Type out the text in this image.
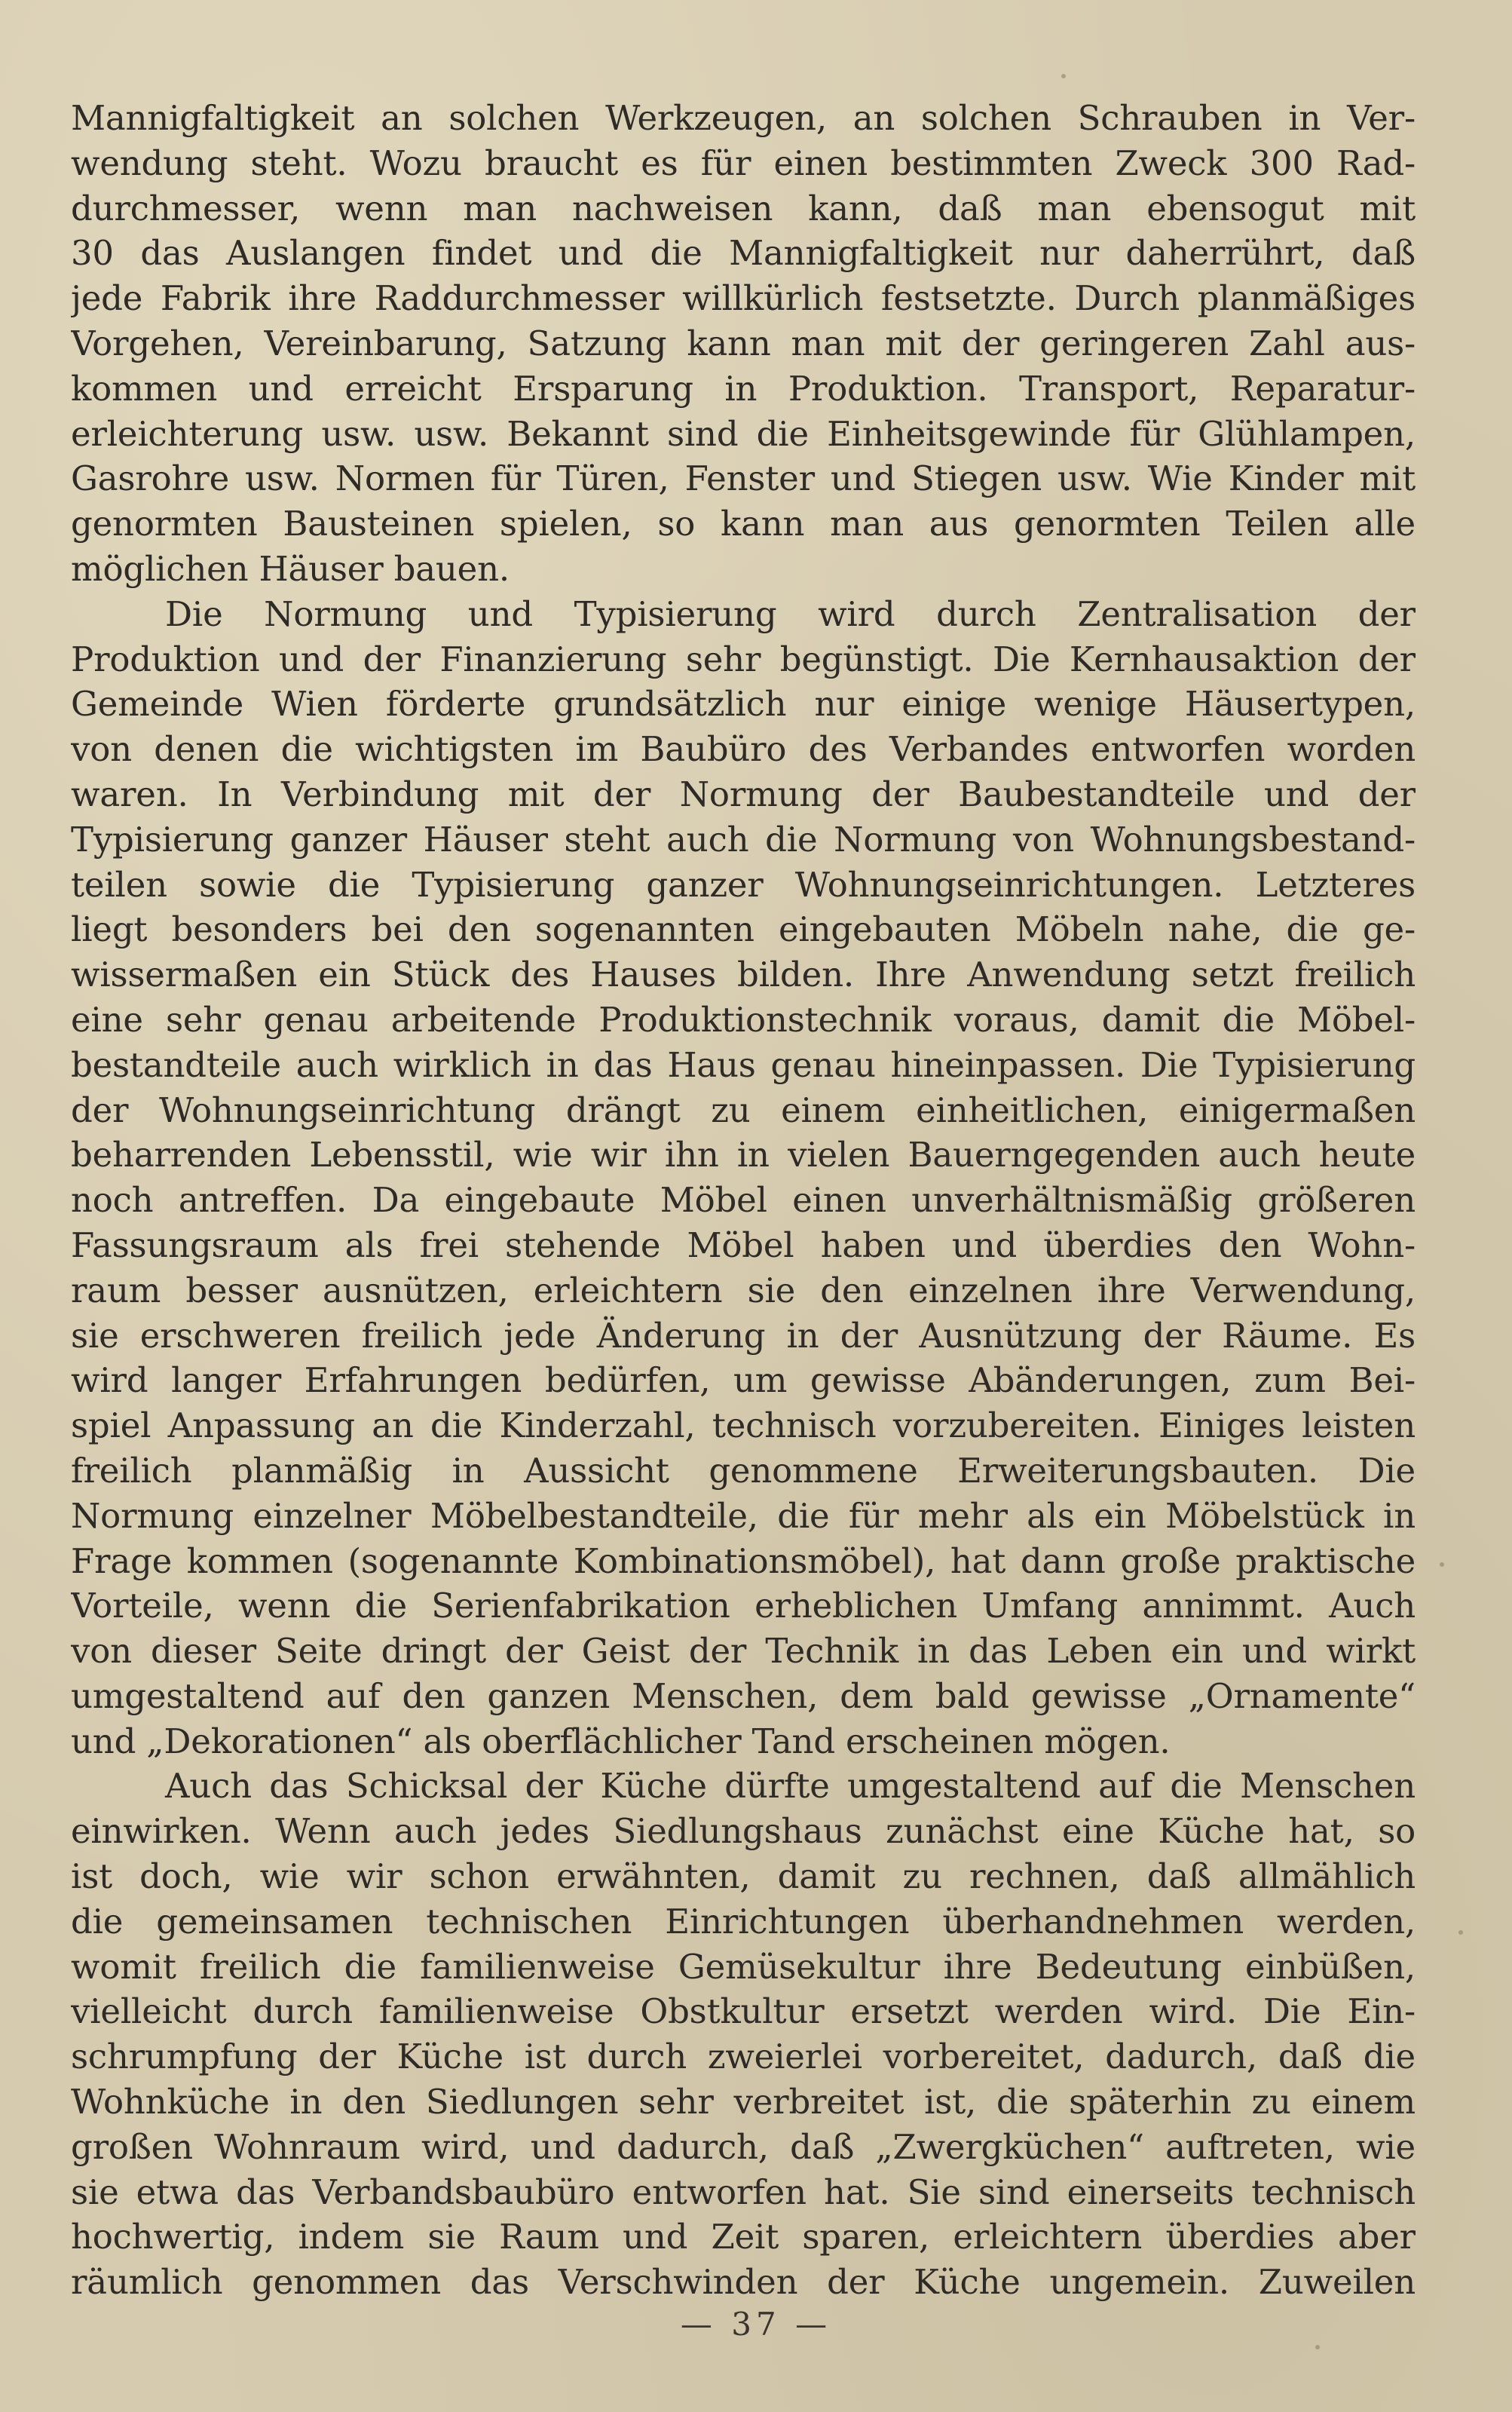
Mannigfaltigkeit an solchen Werkzeugen, an solchen Schrauben in Ver-
wendung steht. Wozu braucht es für einen bestimmten Zweck 300 Rad-
durchmesser, wenn man nachweisen kann, daß man ebensogut mit
30 das Auslangen findet und die Mannigfaltigkeit nur daherrührt, daß
jede Fabrik ihre Raddurchmesser willkürlich festsetzte. Durch planmäßiges
Vorgehen, Vereinbarung, Satzung kann man mit der geringeren Zahl aus-
kommen und erreicht Ersparung in Produktion. Transport, Reparatur-
erleichterung usw. usw. Bekannt sind die Einheitsgewinde für Glühlampen,
Gasrohre usw. Normen für Türen, Fenster und Stiegen usw. Wie Kinder mit
genormten Bausteinen spielen, so kann man aus genormten Teilen alle
möglichen Häuser bauen.

Die Normung und Typisierung wird durch Zentralisation der
Produktion und der Finanzierung sehr begünstigt. Die Kernhausaktion der
Gemeinde Wien förderte grundsätzlich nur einige wenige Häusertypen,
von denen die wichtigsten im Baubüro des Verbandes entworfen worden
waren. In Verbindung mit der Normung der Baubestandteile und der
Typisierung ganzer Häuser steht auch die Normung von Wohnungsbestand-
teilen sowie die Typisierung ganzer Wohnungseinrichtungen. Letzteres
liegt besonders bei den sogenannten eingebauten Möbeln nahe, die ge-
wissermaßen ein Stück des Hauses bilden. Ihre Anwendung setzt freilich
eine sehr genau arbeitende Produktionstechnik voraus, damit die Möbel-
bestandteile auch wirklich in das Haus genau hineinpassen. Die Typisierung
der Wohnungseinrichtung drängt zu einem einheitlichen, einigermaßen
beharrenden Lebensstil, wie wir ihn in vielen Bauerngegenden auch heute
noch antreffen. Da eingebaute Möbel einen unverhältnismäßig größeren
Fassungsraum als frei stehende Möbel haben und überdies den Wohn-
raum besser ausnützen, erleichtern sie den einzelnen ihre Verwendung,
sie erschweren freilich jede Änderung in der Ausnützung der Räume. Es
wird langer Erfahrungen bedürfen, um gewisse Abänderungen, zum Bei-
spiel Anpassung an die Kinderzahl, technisch vorzubereiten. Einiges leisten
freilich planmäßig in Aussicht genommene Erweiterungsbauten. Die
Normung einzelner Möbelbestandteile, die für mehr als ein Möbelstück in
Frage kommen (sogenannte Kombinationsmöbel), hat dann große praktische
Vorteile, wenn die Serienfabrikation erheblichen Umfang annimmt. Auch
von dieser Seite dringt der Geist der Technik in das Leben ein und wirkt
umgestaltend auf den ganzen Menschen, dem bald gewisse „Ornamente“
und „Dekorationen“ als oberflächlicher Tand erscheinen mögen.

Auch das Schicksal der Küche dürfte umgestaltend auf die Menschen
einwirken. Wenn auch jedes Siedlungshaus zunächst eine Küche hat, so
ist doch, wie wir schon erwähnten, damit zu rechnen, daß allmählich
die gemeinsamen technischen Einrichtungen überhandnehmen werden,
womit freilich die familienweise Gemüsekultur ihre Bedeutung einbüßen,
vielleicht durch familienweise Obstkultur ersetzt werden wird. Die Ein-
schrumpfung der Küche ist durch zweierlei vorbereitet, dadurch, daß die
Wohnküche in den Siedlungen sehr verbreitet ist, die späterhin zu einem
großen Wohnraum wird, und dadurch, daß „Zwergküchen“ auftreten, wie
sie etwa das Verbandsbaubüro entworfen hat. Sie sind einerseits technisch
hochwertig, indem sie Raum und Zeit sparen, erleichtern überdies aber
räumlich genommen das Verschwinden der Küche ungemein. Zuweilen

— 37 —
